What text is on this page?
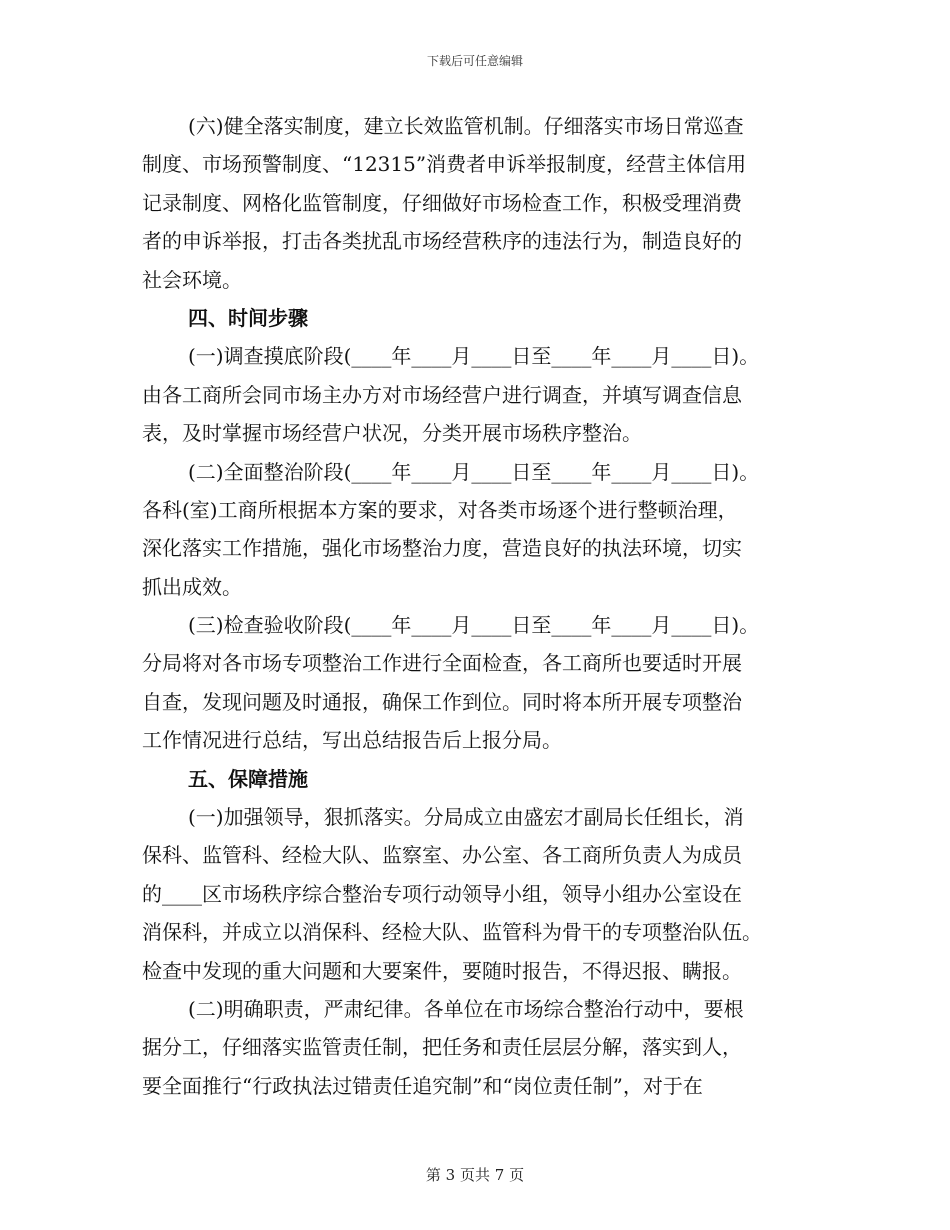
下载后可任意编辑
(六)健全落实制度，建立长效监管机制。仔细落实市场日常巡查
制度、市场预警制度、“12315”消费者申诉举报制度，经营主体信用
记录制度、网格化监管制度，仔细做好市场检查工作，积极受理消费
者的申诉举报，打击各类扰乱市场经营秩序的违法行为，制造良好的
社会环境。
四、时间步骤
(一)调查摸底阶段(____年____月____日至____年____月____日)。
由各工商所会同市场主办方对市场经营户进行调查，并填写调查信息
表，及时掌握市场经营户状况，分类开展市场秩序整治。
(二)全面整治阶段(____年____月____日至____年____月____日)。
各科(室)工商所根据本方案的要求，对各类市场逐个进行整顿治理，
深化落实工作措施，强化市场整治力度，营造良好的执法环境，切实
抓出成效。
(三)检查验收阶段(____年____月____日至____年____月____日)。
分局将对各市场专项整治工作进行全面检查，各工商所也要适时开展
自查，发现问题及时通报，确保工作到位。同时将本所开展专项整治
工作情况进行总结，写出总结报告后上报分局。
五、保障措施
(一)加强领导，狠抓落实。分局成立由盛宏才副局长任组长，消
保科、监管科、经检大队、监察室、办公室、各工商所负责人为成员
的____区市场秩序综合整治专项行动领导小组，领导小组办公室设在
消保科，并成立以消保科、经检大队、监管科为骨干的专项整治队伍。
检查中发现的重大问题和大要案件，要随时报告，不得迟报、瞒报。
(二)明确职责，严肃纪律。各单位在市场综合整治行动中，要根
据分工，仔细落实监管责任制，把任务和责任层层分解，落实到人，
要全面推行“行政执法过错责任追究制”和“岗位责任制”，对于在
第 3 页共 7 页
